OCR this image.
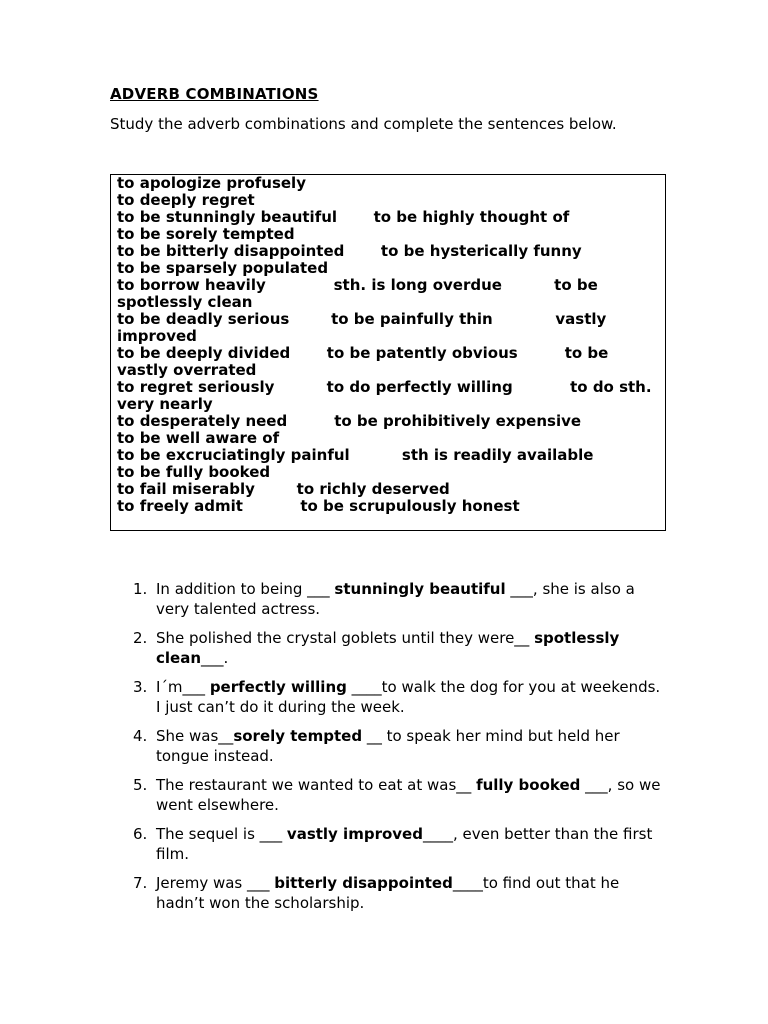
ADVERB COMBINATIONS

Study the adverb combinations and complete the sentences below.

to apologize profusely
to deeply regret
to be stunningly beautiful       to be highly thought of
to be sorely tempted
to be bitterly disappointed       to be hysterically funny
to be sparsely populated
to borrow heavily             sth. is long overdue          to be spotlessly clean
to be deadly serious        to be painfully thin            vastly improved
to be deeply divided       to be patently obvious         to be vastly overrated
to regret seriously          to do perfectly willing           to do sth. very nearly
to desperately need         to be prohibitively expensive
to be well aware of
to be excruciatingly painful          sth is readily available
to be fully booked
to fail miserably        to richly deserved
to freely admit           to be scrupulously honest

1. In addition to being ___ stunningly beautiful ___, she is also a very talented actress.
2. She polished the crystal goblets until they were__ spotlessly clean___.
3. I´m___ perfectly willing ____to walk the dog for you at weekends. I just can’t do it during the week.
4. She was__sorely tempted __ to speak her mind but held her tongue instead.
5. The restaurant we wanted to eat at was__ fully booked ___, so we went elsewhere.
6. The sequel is ___ vastly improved____, even better than the first film.
7. Jeremy was ___ bitterly disappointed____to find out that he hadn’t won the scholarship.
